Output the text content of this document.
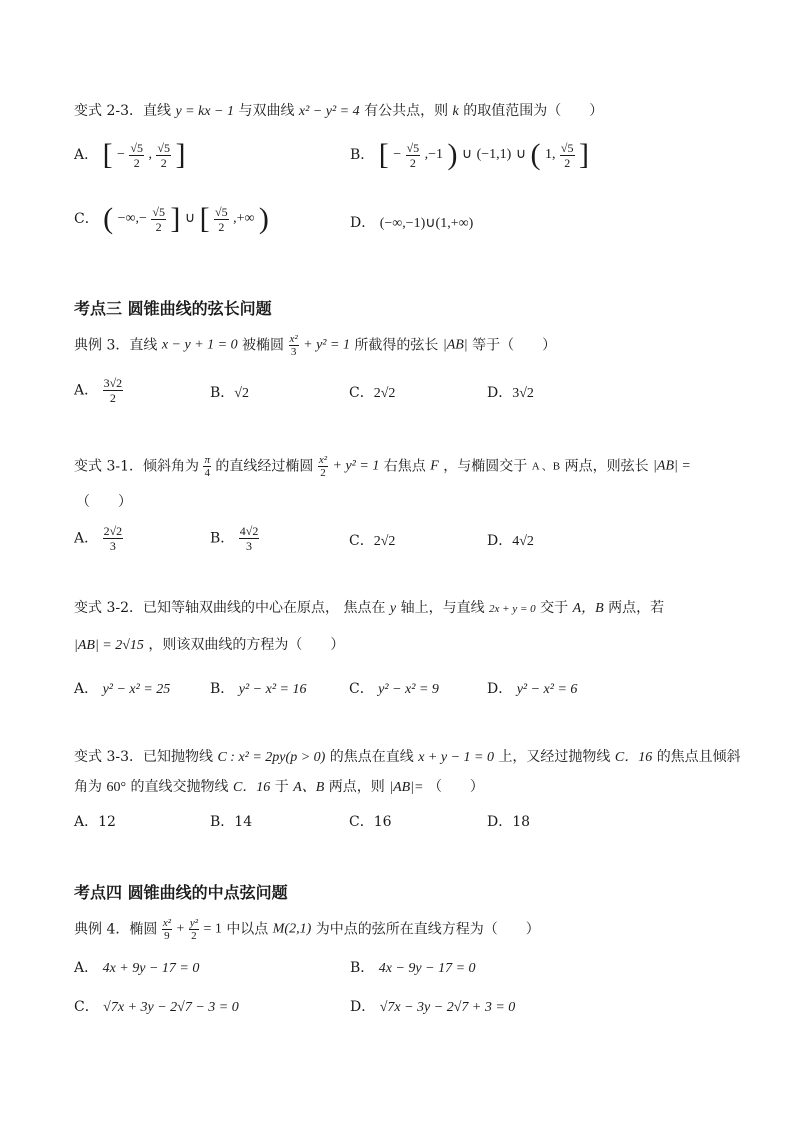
变式 2-3．直线 y = kx − 1 与双曲线 x² − y² = 4 有公共点，则 k 的取值范围为（　　）
A． [ − $\frac{√5}{2}$ , $\frac{√5}{2}$ ]	B． [ − $\frac{√5}{2} ,-1$ ) ∪ (−1,1) ∪ ( 1, $\frac{√5}{2}$ ]
C． ( −∞,− $\frac{√5}{2}$ ] ∪ [ $\frac{√5}{2}$ ,+∞ )	D． (−∞,−1)∪(1,+∞)
考点三 圆锥曲线的弦长问题
典例 3．直线 x − y + 1 = 0 被椭圆 $\frac{\text{x²}}{3} + y^2 = 1$ 所截得的弦长 |AB| 等于（　　）
A． $\frac{3√2}{2}$	B．√2	C．2√2	D．3√2
变式 3-1．倾斜角为 $\frac{\pi}{4}$ 的直线经过椭圆 $\frac{\text{x²}}{2} + y^2 = 1$ 右焦点 F ，与椭圆交于 A 、B 两点，则弦长 |AB| =
（　　）
A． $\frac{2√2}{3}$	B． $\frac{4√2}{3}$	C．2√2	D．4√2
变式 3-2．已知等轴双曲线的中心在原点， 焦点在 y 轴上，与直线 2x + y = 0 交于 A，B 两点，若
|AB| = 2√15 ，则该双曲线的方程为（　　）
A． y² − x² = 25	B． y² − x² = 16	C． y² − x² = 9	D． y² − x² = 6
变式 3-3．已知抛物线 C : x² = 2py(p > 0) 的焦点在直线 x + y − 1 = 0 上，又经过抛物线 C．16 的焦点且倾斜
角为 60° 的直线交抛物线 C．16 于 A、B 两点，则 |AB|= （　　）
A．12	B．14	C．16	D．18
考点四 圆锥曲线的中点弦问题
典例 4．椭圆 $\frac{\text{x²}}{9} + \frac{\text{y²}}{2} = 1$ 中以点 M(2,1) 为中点的弦所在直线方程为（　　）
A． 4x + 9y − 17 = 0	B． 4x − 9y − 17 = 0
C． √7x + 3y − 2√7 − 3 = 0	D． √7x − 3y − 2√7 + 3 = 0
